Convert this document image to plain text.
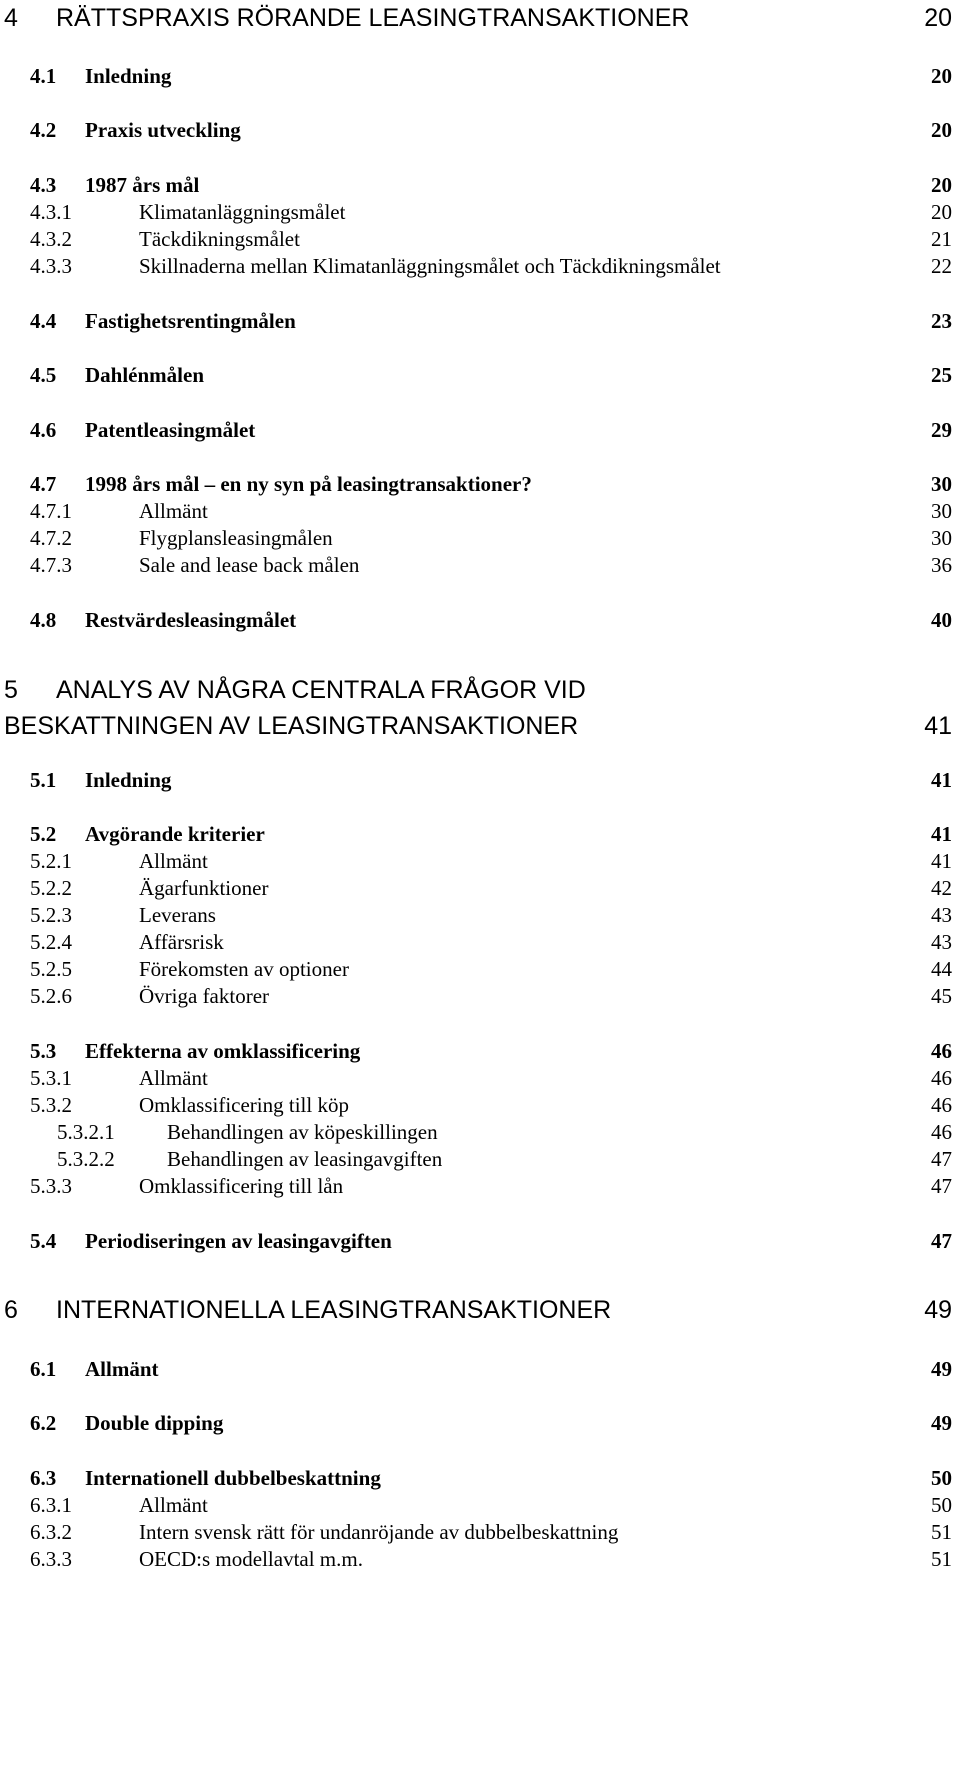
4 RÄTTSPRAXIS RÖRANDE LEASINGTRANSAKTIONER	20
4.1 Inledning	20
4.2 Praxis utveckling	20
4.3 1987 års mål	20
4.3.1	Klimatanläggningsmålet	20
4.3.2	Täckdikningsmålet	21
4.3.3	Skillnaderna mellan Klimatanläggningsmålet och Täckdikningsmålet	22
4.4 Fastighetsrentingmålen	23
4.5 Dahlénmålen	25
4.6 Patentleasingmålet	29
4.7 1998 års mål – en ny syn på leasingtransaktioner?	30
4.7.1	Allmänt	30
4.7.2	Flygplansleasingmålen	30
4.7.3	Sale and lease back målen	36
4.8 Restvärdesleasingmålet	40
5 ANALYS AV NÅGRA CENTRALA FRÅGOR VID
BESKATTNINGEN AV LEASINGTRANSAKTIONER	41
5.1 Inledning	41
5.2 Avgörande kriterier	41
5.2.1	Allmänt	41
5.2.2	Ägarfunktioner	42
5.2.3	Leverans	43
5.2.4	Affärsrisk	43
5.2.5	Förekomsten av optioner	44
5.2.6	Övriga faktorer	45
5.3 Effekterna av omklassificering	46
5.3.1	Allmänt	46
5.3.2	Omklassificering till köp	46
5.3.2.1 Behandlingen av köpeskillingen	46
5.3.2.2 Behandlingen av leasingavgiften	47
5.3.3	Omklassificering till lån	47
5.4 Periodiseringen av leasingavgiften	47
6 INTERNATIONELLA LEASINGTRANSAKTIONER	49
6.1 Allmänt	49
6.2 Double dipping	49
6.3 Internationell dubbelbeskattning	50
6.3.1	Allmänt	50
6.3.2	Intern svensk rätt för undanröjande av dubbelbeskattning	51
6.3.3	OECD:s modellavtal m.m.	51
